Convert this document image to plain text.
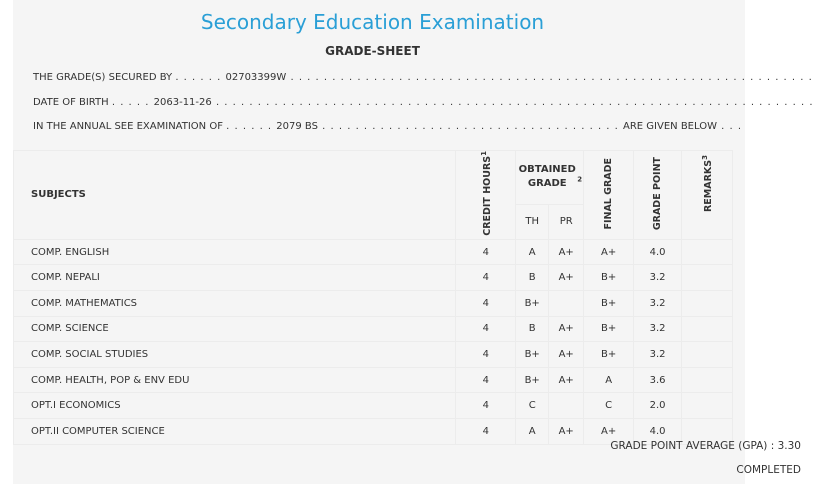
Secondary Education Examination
GRADE-SHEET
THE GRADE(S) SECURED BY . . . . . . 02703399W . . . . . . . . . . . . . . . . . . . . . . . . . . . . . . . . . . . . . . . . . . . . . . . . . . . . . . . . . . . . . . .
DATE OF BIRTH . . . . . 2063-11-26 . . . . . . . . . . . . . . . . . . . . . . . . . . . . . . . . . . . . . . . . . . . . . . . . . . . . . . . . . . . . . . . . . . . . . . . .
IN THE ANNUAL SEE EXAMINATION OF . . . . . . 2079 BS . . . . . . . . . . . . . . . . . . . . . . . . . . . . . . . . . . . . ARE GIVEN BELOW . . .
SUBJECTS	CREDIT HOURS$^1$	OBTAINED GRADE $^2$		FINAL GRADE	GRADE POINT	REMARKS$^3$
		TH	PR			
COMP. ENGLISH	4	A	A+	A+	4.0	
COMP. NEPALI	4	B	A+	B+	3.2	
COMP. MATHEMATICS	4	B+		B+	3.2	
COMP. SCIENCE	4	B	A+	B+	3.2	
COMP. SOCIAL STUDIES	4	B+	A+	B+	3.2	
COMP. HEALTH, POP & ENV EDU	4	B+	A+	A	3.6	
OPT.I ECONOMICS	4	C		C	2.0	
OPT.II COMPUTER SCIENCE	4	A	A+	A+	4.0	
GRADE POINT AVERAGE (GPA) : 3.30
COMPLETED
